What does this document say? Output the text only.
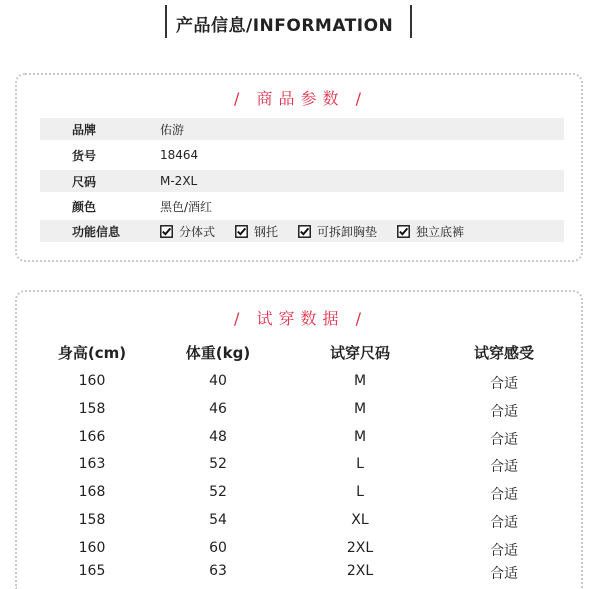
产品信息/INFORMATION
/ 商品参数 /
品牌	佑游
货号	18464
尺码	M-2XL
颜色	黑色/酒红
功能信息	分体式	钢托	可拆卸胸垫	独立底裤
/ 试穿数据 /
身高(cm)	体重(kg)	试穿尺码	试穿感受
160	40	M	合适
158	46	M	合适
166	48	M	合适
163	52	L	合适
168	52	L	合适
158	54	XL	合适
160	60	2XL	合适
165	63	2XL	合适
